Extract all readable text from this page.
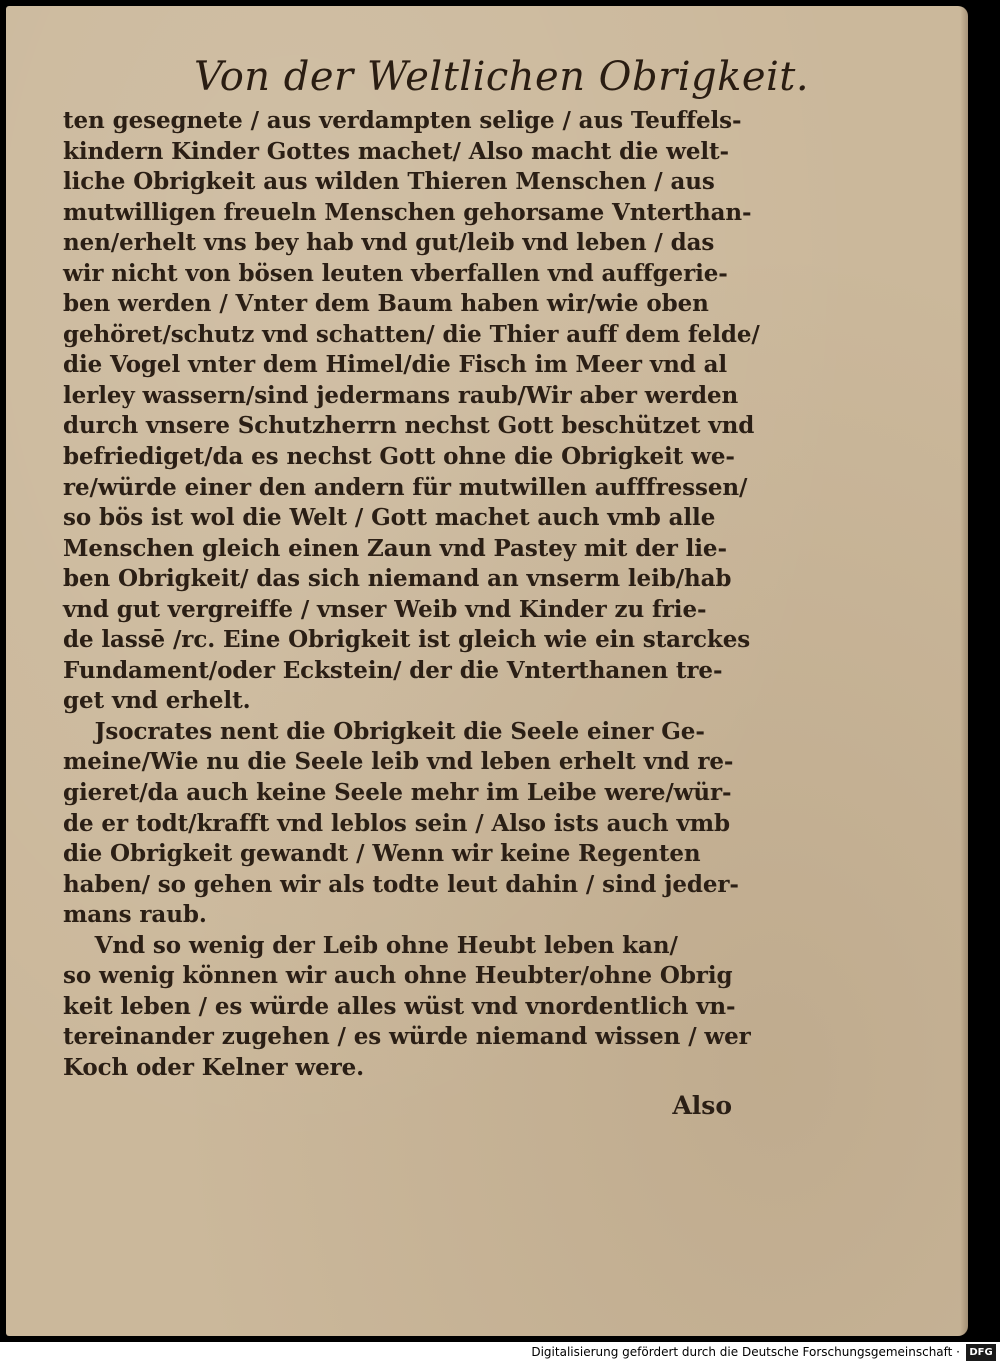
Von der Weltlichen Obrigkeit.
ten gesegnete / aus verdampten selige / aus Teuffels-
kindern Kinder Gottes machet/ Also macht die welt-
liche Obrigkeit aus wilden Thieren Menschen / aus
mutwilligen freueln Menschen gehorsame Vnterthan-
nen/erhelt vns bey hab vnd gut/leib vnd leben / das
wir nicht von bösen leuten vberfallen vnd auffgerie-
ben werden / Vnter dem Baum haben wir/wie oben
gehöret/schutz vnd schatten/ die Thier auff dem felde/
die Vogel vnter dem Himel/die Fisch im Meer vnd al
lerley wassern/sind jedermans raub/Wir aber werden
durch vnsere Schutzherrn nechst Gott beschützet vnd
befriediget/da es nechst Gott ohne die Obrigkeit we-
re/würde einer den andern für mutwillen aufffressen/
so bös ist wol die Welt / Gott machet auch vmb alle
Menschen gleich einen Zaun vnd Pastey mit der lie-
ben Obrigkeit/ das sich niemand an vnserm leib/hab
vnd gut vergreiffe / vnser Weib vnd Kinder zu frie-
de lassē /rc. Eine Obrigkeit ist gleich wie ein starckes
Fundament/oder Eckstein/ der die Vnterthanen tre-
get vnd erhelt.
Jsocrates nent die Obrigkeit die Seele einer Ge-
meine/Wie nu die Seele leib vnd leben erhelt vnd re-
gieret/da auch keine Seele mehr im Leibe were/wür-
de er todt/krafft vnd leblos sein / Also ists auch vmb
die Obrigkeit gewandt / Wenn wir keine Regenten
haben/ so gehen wir als todte leut dahin / sind jeder-
mans raub.
Vnd so wenig der Leib ohne Heubt leben kan/
so wenig können wir auch ohne Heubter/ohne Obrig
keit leben / es würde alles wüst vnd vnordentlich vn-
tereinander zugehen / es würde niemand wissen / wer
Koch oder Kelner were.
Also
Digitalisierung gefördert durch die Deutsche Forschungsgemeinschaft · DFG
